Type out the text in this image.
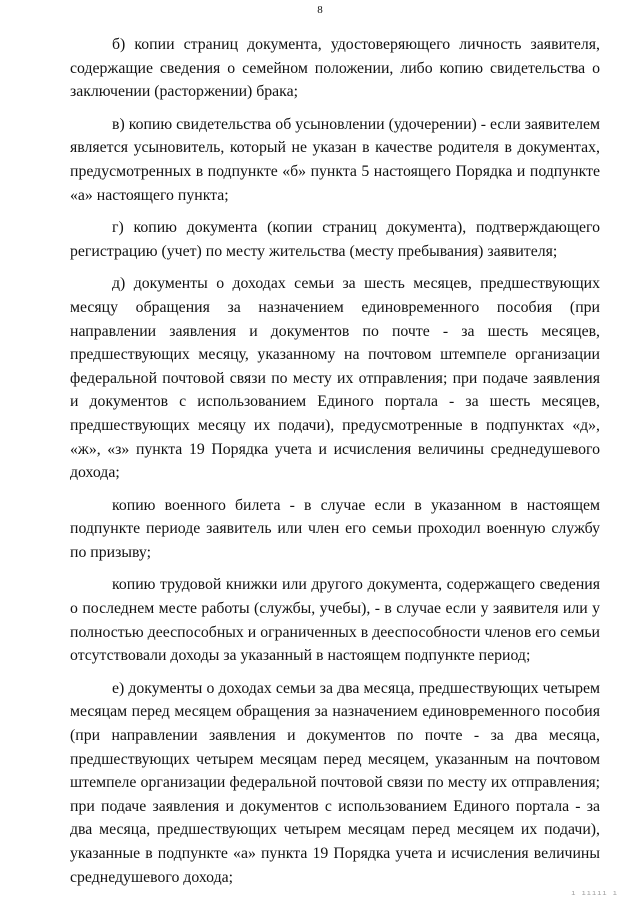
8

б) копии страниц документа, удостоверяющего личность заявителя, содержащие сведения о семейном положении, либо копию свидетельства о заключении (расторжении) брака;

в) копию свидетельства об усыновлении (удочерении) - если заявителем является усыновитель, который не указан в качестве родителя в документах, предусмотренных в подпункте «б» пункта 5 настоящего Порядка и подпункте «а» настоящего пункта;

г) копию документа (копии страниц документа), подтверждающего регистрацию (учет) по месту жительства (месту пребывания) заявителя;

д) документы о доходах семьи за шесть месяцев, предшествующих месяцу обращения за назначением единовременного пособия (при направлении заявления и документов по почте - за шесть месяцев, предшествующих месяцу, указанному на почтовом штемпеле организации федеральной почтовой связи по месту их отправления; при подаче заявления и документов с использованием Единого портала - за шесть месяцев, предшествующих месяцу их подачи), предусмотренные в подпунктах «д», «ж», «з» пункта 19 Порядка учета и исчисления величины среднедушевого дохода;

копию военного билета - в случае если в указанном в настоящем подпункте периоде заявитель или член его семьи проходил военную службу по призыву;

копию трудовой книжки или другого документа, содержащего сведения о последнем месте работы (службы, учебы), - в случае если у заявителя или у полностью дееспособных и ограниченных в дееспособности членов его семьи отсутствовали доходы за указанный в настоящем подпункте период;

е) документы о доходах семьи за два месяца, предшествующих четырем месяцам перед месяцем обращения за назначением единовременного пособия (при направлении заявления и документов по почте - за два месяца, предшествующих четырем месяцам перед месяцем, указанным на почтовом штемпеле организации федеральной почтовой связи по месту их отправления; при подаче заявления и документов с использованием Единого портала - за два месяца, предшествующих четырем месяцам перед месяцем их подачи), указанные в подпункте «а» пункта 19 Порядка учета и исчисления величины среднедушевого дохода;

ı ııııı ı
